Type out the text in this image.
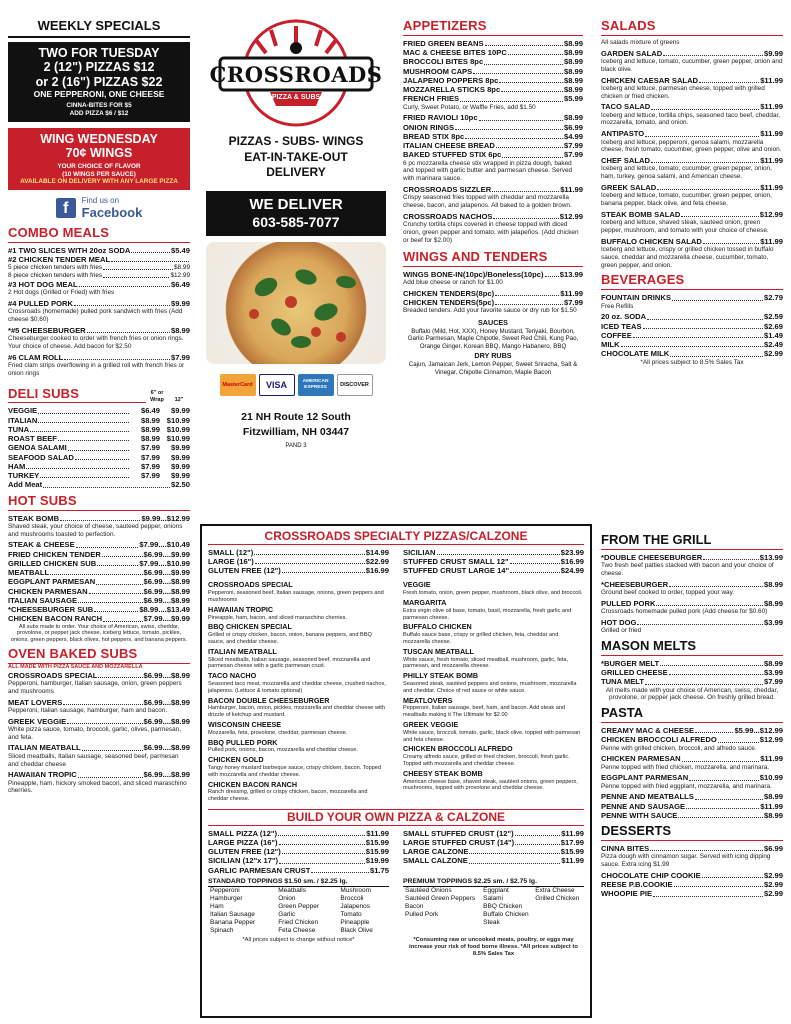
WEEKLY SPECIALS
TWO FOR TUESDAY
2 (12") PIZZAS $12
or 2 (16") PIZZAS $22
ONE PEPPERONI, ONE CHEESE
CINNA-BITES FOR $5
ADD PIZZA $6 / $12
WING WEDNESDAY
70¢ WINGS
YOUR CHOICE OF FLAVOR
(10 WINGS PER SAUCE)
AVAILABLE ON DELIVERY WITH ANY LARGE PIZZA
f	Find us on
Facebook
COMBO MEALS
#1 TWO SLICES WITH 20oz SODA	$5.49
#2 CHICKEN TENDER MEAL
5 piece chicken tenders with fries	$8.99
8 piece chicken tenders with fries	$12.99
#3 HOT DOG MEAL	$6.49
2 Hot dogs (Grilled or Fried) with fries
#4 PULLED PORK	$9.99
Crossroads (homemade) pulled pork sandwich with fries (Add cheese $0.60)
*#5 CHEESEBURGER	$8.99
Cheeseburger cooked to order with french fries or onion rings. Your choice of cheese. Add bacon for $2.50
#6 CLAM ROLL	$7.99
Fried clam strips overflowing in a grilled roll with french fries or onion rings
DELI SUBS	6" or Wrap	12"
VEGGIE	$6.49	$9.99
ITALIAN	$8.99 $10.99
TUNA	$8.99 $10.99
ROAST BEEF	$8.99 $10.99
GENOA SALAMI	$7.99	$9.99
SEAFOOD SALAD	$7.99	$9.99
HAM	$7.99	$9.99
TURKEY	$7.99	$9.99
Add Meat	$2.50
HOT SUBS
STEAK BOMB	$9.99...$12.99
Shaved steak, your choice of cheese, sauteed pepper, onions and mushrooms toasted to perfection.
STEAK & CHEESE	$7.99....$10.49
FRIED CHICKEN TENDER	$6.99....$9.99
GRILLED CHICKEN SUB	$7.99....$10.99
MEATBALL	$6.99....$9.99
EGGPLANT PARMESAN	$6.99....$8.99
CHICKEN PARMESAN	$6.99....$8.99
ITALIAN SAUSAGE	$6.99....$8.99
*CHEESEBURGER SUB	$8.99....$13.49
CHICKEN BACON RANCH	$7.99....$9.99
All subs made to order. Your choice of American, swiss, cheddar, provolone, or pepper jack cheese, iceberg lettuce, tomato, pickles, onions, green peppers, black olives, hot peppers, and banana peppers.
OVEN BAKED SUBS
ALL MADE WITH PIZZA SAUCE AND MOZZARELLA
CROSSROADS SPECIAL	$6.99....$8.99
Pepperoni, hamburger, Italian sausage, onion, green peppers and mushrooms
MEAT LOVERS	$6.99....$8.99
Pepperoni, Italian sausage, hamburger, ham and bacon.
GREEK VEGGIE	$6.99....$8.99
White pizza sauce, tomato, broccoli, garlic, olives, parmesan, and feta.
ITALIAN MEATBALL	$6.99....$8.99
Sliced meatballs, Italian sausage, seasoned beef, parmesan and cheddar cheese
HAWAIIAN TROPIC	$6.99....$8.99
Pineapple, ham, hickory smoked bacon, and sliced maraschino cherries.
CROSSROADS
PIZZA & SUBS
PIZZAS - SUBS- WINGS
EAT-IN-TAKE-OUT
DELIVERY
WE DELIVER
603-585-7077
MasterCard	VISA	AMERICAN EXPRESS	DISCOVER
21 NH Route 12 South
Fitzwilliam, NH 03447
PAND 3
APPETIZERS
FRIED GREEN BEANS	$8.99
MAC & CHEESE BITES 10PC	$8.99
BROCCOLI BITES 8pc	$8.99
MUSHROOM CAPS	$8.99
JALAPENO POPPERS 8pc	$8.99
MOZZARELLA STICKS 8pc	$8.99
FRENCH FRIES	$5.99
Curly, Sweet Potato, or Waffle Fries, add $1.50
FRIED RAVIOLI 10pc	$8.99
ONION RINGS	$6.99
BREAD STIX 8pc	$4.99
ITALIAN CHEESE BREAD	$7.99
BAKED STUFFED STIX 6pc	$7.99
6 pc mozzarella cheese stix wrapped in pizza dough, baked and topped with garlic butter and parmesan cheese. Served with marinara sauce.
CROSSROADS SIZZLER	$11.99
Crispy seasoned fries topped with cheddar and mozzarella cheese, bacon, and jalapenos. All baked to a golden brown.
CROSSROADS NACHOS	$12.99
Crunchy tortilla chips covered in cheese topped with diced onion, green pepper and tomato, with jalapeños. (Add chicken or beef for $2.00)
WINGS AND TENDERS
WINGS BONE-IN(10pc)/Boneless(10pc) $13.99
Add blue cheese or ranch for $1.00
CHICKEN TENDERS(8pc)	$11.99
CHICKEN TENDERS(5pc)	$7.99
Breaded tenders. Add your favorite sauce or dry rub for $1.50
SAUCES
Buffalo (Mild, Hot, XXX), Honey Mustard, Teriyaki, Bourbon, Garlic Parmesan, Maple Chipotle, Sweet Red Chili, Kung Pao, Orange Ginger, Korean BBQ, Mango Habanero, BBQ
DRY RUBS
Cajun, Jamaican Jerk, Lemon Pepper, Sweet Sriracha, Salt & Vinegar, Chipotle Cinnamon, Maple Bacon
SALADS
All salads mixture of greens
GARDEN SALAD	$9.99
Iceberg and lettuce, tomato, cucumber, green pepper, onion and black olive.
CHICKEN CAESAR SALAD	$11.99
Iceberg and lettuce, parmesan cheese, topped with grilled chicken or fried chicken.
TACO SALAD	$11.99
Iceberg and lettuce, tortilla chips, seasoned taco beef, cheddar, mozzarella, tomato, and onion.
ANTIPASTO	$11.99
Iceberg and lettuce, pepperoni, genoa salami, mozzarella cheese, fresh tomato, cucumber, green pepper, olive and onion.
CHEF SALAD	$11.99
Iceberg and lettuce, tomato, cucumber, green pepper, onion, ham, turkey, genoa salami, and American cheese.
GREEK SALAD	$11.99
Iceberg and lettuce, tomato, cucumber, green pepper, onion, banana pepper, black olive, and feta cheese.
STEAK BOMB SALAD	$12.99
Iceberg and lettuce, shaved steak, sauteed onion, green pepper, mushroom, and tomato with your choice of cheese.
BUFFALO CHICKEN SALAD	$11.99
Iceberg and lettuce, crispy or grilled chicken tossed in buffalo sauce, cheddar and mozzarella cheese, cucumber, tomato, green pepper, and onion.
BEVERAGES
FOUNTAIN DRINKS	$2.79
Free Refills
20 oz. SODA	$2.59
ICED TEAS	$2.69
COFFEE	$1.49
MILK	$2.49
CHOCOLATE MILK	$2.99
*All prices subject to 8.5% Sales Tax
CROSSROADS SPECIALTY PIZZAS/CALZONE
SMALL (12")	$14.99
LARGE (16")	$22.99
GLUTEN FREE (12")	$16.99
SICILIAN	$23.99
STUFFED CRUST SMALL 12"	$16.99
STUFFED CRUST LARGE 14"	$24.99
CROSSROADS SPECIAL
Pepperoni, seasoned beef, Italian sausage, onions, green peppers and mushrooms
HAWAIIAN TROPIC
Pineapple, ham, bacon, and sliced maraschino cherries.
BBQ CHICKEN SPECIAL
Grilled or crispy chicken, bacon, onion, banana peppers, and BBQ sauce, and cheddar cheese.
ITALIAN MEATBALL
Sliced meatballs, Italian sausage, seasoned beef, mozzarella and parmesan cheese with a garlic parmesan crust.
TACO NACHO
Seasoned taco meat, mozzarella and cheddar cheese, crushed nachos, jalapenos. (Lettuce & tomato optional)
BACON DOUBLE CHEESEBURGER
Hamburger, bacon, onion, pickles, mozzarella and cheddar cheese with drizzle of ketchup and mustard.
WISCONSIN CHEESE
Mozzarella, feta, provolone, cheddar, parmesan cheese.
BBQ PULLED PORK
Pulled pork, onions, bacon, mozzarella and cheddar cheese.
CHICKEN GOLD
Tangy honey mustard barbeque sauce, crispy chicken, bacon. Topped with mozzarella and cheddar cheese.
CHICKEN BACON RANCH
Ranch dressing, grilled or crispy chicken, bacon, mozzarella and cheddar cheese.
VEGGIE
Fresh tomato, onion, green pepper, mushroom, black olive, and broccoli.
MARGARITA
Extra virgin olive oil base, tomato, basil, mozzarella, fresh garlic and parmesan cheese.
BUFFALO CHICKEN
Buffalo sauce base, crispy or grilled chicken, feta, cheddar and mozzarella cheese.
TUSCAN MEATBALL
White sauce, fresh tomato, sliced meatball, mushroom, garlic, feta, parmesan, and mozzarella cheese.
PHILLY STEAK BOMB
Seasoned steak, sautéed peppers and onions, mushroom, mozzarella and cheddar. Choice of red sauce or white sauce.
MEATLOVERS
Pepperoni, Italian sausage, beef, ham, and bacon. Add steak and meatballs making it The Ultimate for $2.00
GREEK VEGGIE
White sauce, broccoli, tomato, garlic, black olive, topped with parmesan and feta cheese.
CHICKEN BROCCOLI ALFREDO
Creamy alfredo sauce, grilled or fried chicken, broccoli, fresh garlic. Topped with mozzarella and cheddar cheese.
CHEESY STEAK BOMB
American cheese base, shaved steak, sautéed onions, green peppers, mushrooms, topped with provolone and cheddar cheese.
BUILD YOUR OWN PIZZA & CALZONE
SMALL PIZZA (12")	$11.99
LARGE PIZZA (16")	$15.99
GLUTEN FREE (12")	$15.99
SICILIAN (12"x 17")	$19.99
GARLIC PARMESAN CRUST	$1.75
SMALL STUFFED CRUST (12")	$11.99
LARGE STUFFED CRUST (14")	$17.99
LARGE CALZONE	$15.99
SMALL CALZONE	$11.99
STANDARD TOPPINGS $1.50 sm. / $2.25 lg.
Pepperoni	Meatballs	Mushroom
Hamburger	Onion	Broccoli
Ham	Green Pepper	Jalapenos
Italian Sausage	Garlic	Tomato
Banana Pepper	Fried Chicken	Pineapple
Spinach	Feta Cheese	Black Olive
PREMIUM TOPPINGS $2.25 sm. / $2.75 lg.
Sautéed Onions	Eggplant	Extra Cheese
Sautéed Green Peppers	Salami	Grilled Chicken
Bacon	BBQ Chicken	
Pulled Pork	Buffalo Chicken	
	Steak	
*All prices subject to change without notice*	*Consuming raw or uncooked meats, poultry, or eggs may increase your risk of food borne illness. *All prices subject to 8.5% Sales Tax
FROM THE GRILL
*DOUBLE CHEESEBURGER	$13.99
Two fresh beef patties stacked with bacon and your choice of cheese.
*CHEESEBURGER	$8.99
Ground beef cooked to order, topped your way.
PULLED PORK	$8.99
Crossroads homemade pulled pork (Add cheese for $0.60)
HOT DOG	$3.99
Grilled or fried
MASON MELTS
*BURGER MELT	$8.99
GRILLED CHEESE	$3.99
TUNA MELT	$7.99
All melts made with your choice of American, swiss, cheddar, provolone, or pepper jack cheese. On freshly grilled bread.
PASTA
CREAMY MAC & CHEESE	$5.99...$12.99
CHICKEN BROCCOLI ALFREDO	$12.99
Penne with grilled chicken, broccoli, and alfredo sauce.
CHICKEN PARMESAN	$11.99
Penne topped with fried chicken, mozzarella, and marinara.
EGGPLANT PARMESAN	$10.99
Penne topped with fried eggplant, mozzarella, and marinara.
PENNE AND MEATBALLS	$8.99
PENNE AND SAUSAGE	$11.99
PENNE WITH SAUCE	$8.99
DESSERTS
CINNA BITES	$6.99
Pizza dough with cinnamon sugar. Served with icing dipping sauce. Extra icing $1.99
CHOCOLATE CHIP COOKIE	$2.99
REESE P.B.COOKIE	$2.99
WHOOPIE PIE	$2.99
